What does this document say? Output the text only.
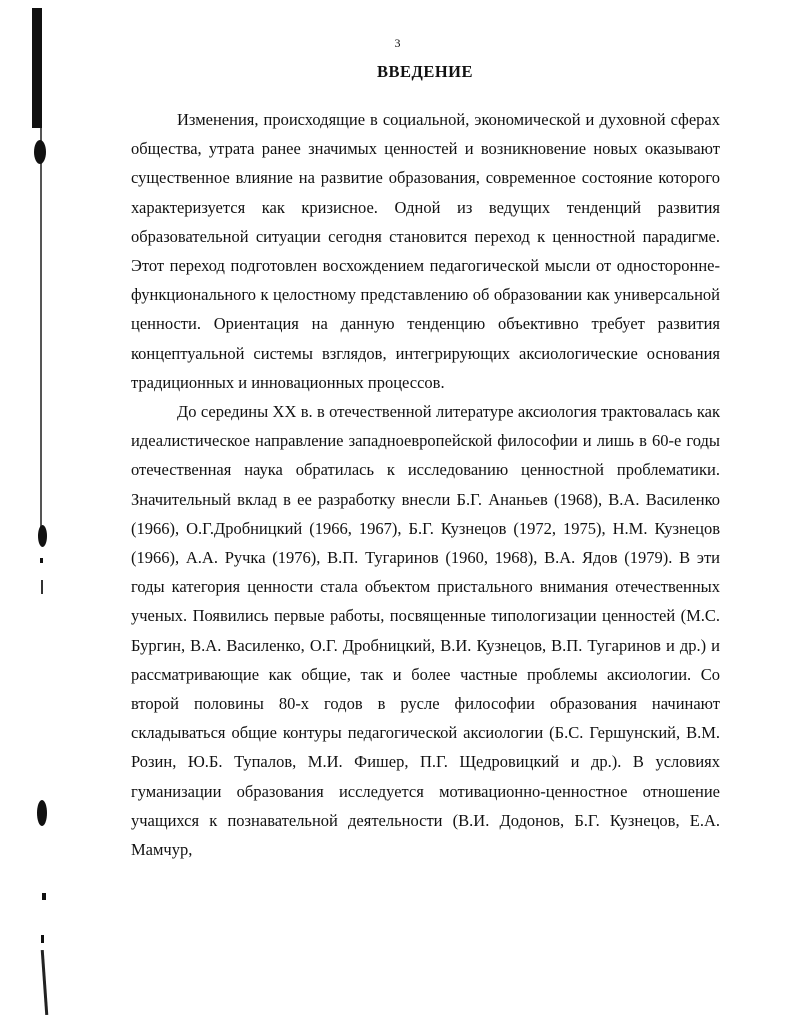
3
ВВЕДЕНИЕ

Изменения, происходящие в социальной, экономической и духовной сферах общества, утрата ранее значимых ценностей и возникновение новых оказывают существенное влияние на развитие образования, современное состояние которого характеризуется как кризисное. Одной из ведущих тенденций развития образовательной ситуации сегодня становится переход к ценностной парадигме. Этот переход подготовлен восхождением педагогической мысли от односторонне-функционального к целостному представлению об образовании как универсальной ценности. Ориентация на данную тенденцию объективно требует развития концептуальной системы взглядов, интегрирующих аксиологические основания традиционных и инновационных процессов.

До середины XX в. в отечественной литературе аксиология трактовалась как идеалистическое направление западноевропейской философии и лишь в 60-е годы отечественная наука обратилась к исследованию ценностной проблематики. Значительный вклад в ее разработку внесли Б.Г. Ананьев (1968), В.А. Василенко (1966), О.Г.Дробницкий (1966, 1967), Б.Г. Кузнецов (1972, 1975), Н.М. Кузнецов (1966), А.А. Ручка (1976), В.П. Тугаринов (1960, 1968), В.А. Ядов (1979). В эти годы категория ценности стала объектом пристального внимания отечественных ученых. Появились первые работы, посвященные типологизации ценностей (М.С. Бургин, В.А. Василенко, О.Г. Дробницкий, В.И. Кузнецов, В.П. Тугаринов и др.) и рассматривающие как общие, так и более частные проблемы аксиологии. Со второй половины 80-х годов в русле философии образования начинают складываться общие контуры педагогической аксиологии (Б.С. Гершунский, В.М. Розин, Ю.Б. Тупалов, М.И. Фишер, П.Г. Щедровицкий и др.). В условиях гуманизации образования исследуется мотивационно-ценностное отношение учащихся к познавательной деятельности (В.И. Додонов, Б.Г. Кузнецов, Е.А. Мамчур,
